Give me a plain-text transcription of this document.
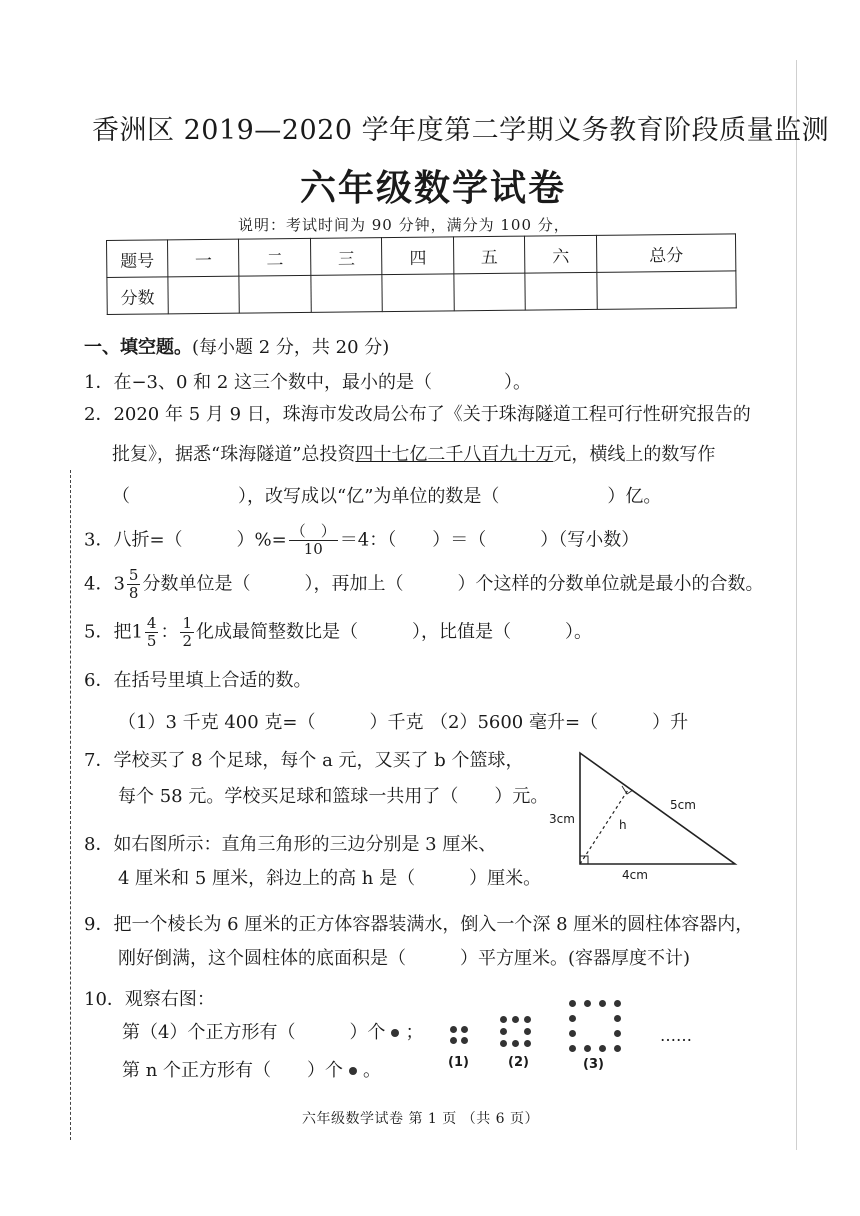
香洲区 2019—2020 学年度第二学期义务教育阶段质量监测
六年级数学试卷
说明：考试时间为 90 分钟，满分为 100 分，
题号	一	二	三	四	五	六	总分
分数							
一、填空题。(每小题 2 分，共 20 分)
1．在−3、0 和 2 这三个数中，最小的是（　　　　）。
2．2020 年 5 月 9 日，珠海市发改局公布了《关于珠海隧道工程可行性研究报告的
批复》，据悉“珠海隧道”总投资四十七亿二千八百九十万元，横线上的数写作
（　　　　　　），改写成以“亿”为单位的数是（　　　　　　）亿。
3．八折=（　　　）%= $\frac{( )}{10} =4$：（　　）＝（　　　）（写小数）
4．$3 \frac{5}{8}$ 分数单位是（　　　），再加上（　　　）个这样的分数单位就是最小的合数。
5．把$1 \frac{4}{5}$ ： $\frac{1}{2}$ 化成最简整数比是（　　　），比值是（　　　）。
6．在括号里填上合适的数。
（1）3 千克 400 克=（　　　）千克 （2）5600 毫升=（　　　）升
7．学校买了 8 个足球，每个 a 元，又买了 b 个篮球，
每个 58 元。学校买足球和篮球一共用了（　　）元。
8．如右图所示：直角三角形的三边分别是 3 厘米、
4 厘米和 5 厘米，斜边上的高 h 是（　　　）厘米。
3cm
4cm
5cm
h
9．把一个棱长为 6 厘米的正方体容器装满水，倒入一个深 8 厘米的圆柱体容器内，
刚好倒满，这个圆柱体的底面积是（　　　）平方厘米。(容器厚度不计)
10．观察右图：
第（4）个正方形有（　　　）个 ；
第 n 个正方形有（　　）个 。	(1)	(2)	(3)
……
六年级数学试卷 第 1 页 （共 6 页）
